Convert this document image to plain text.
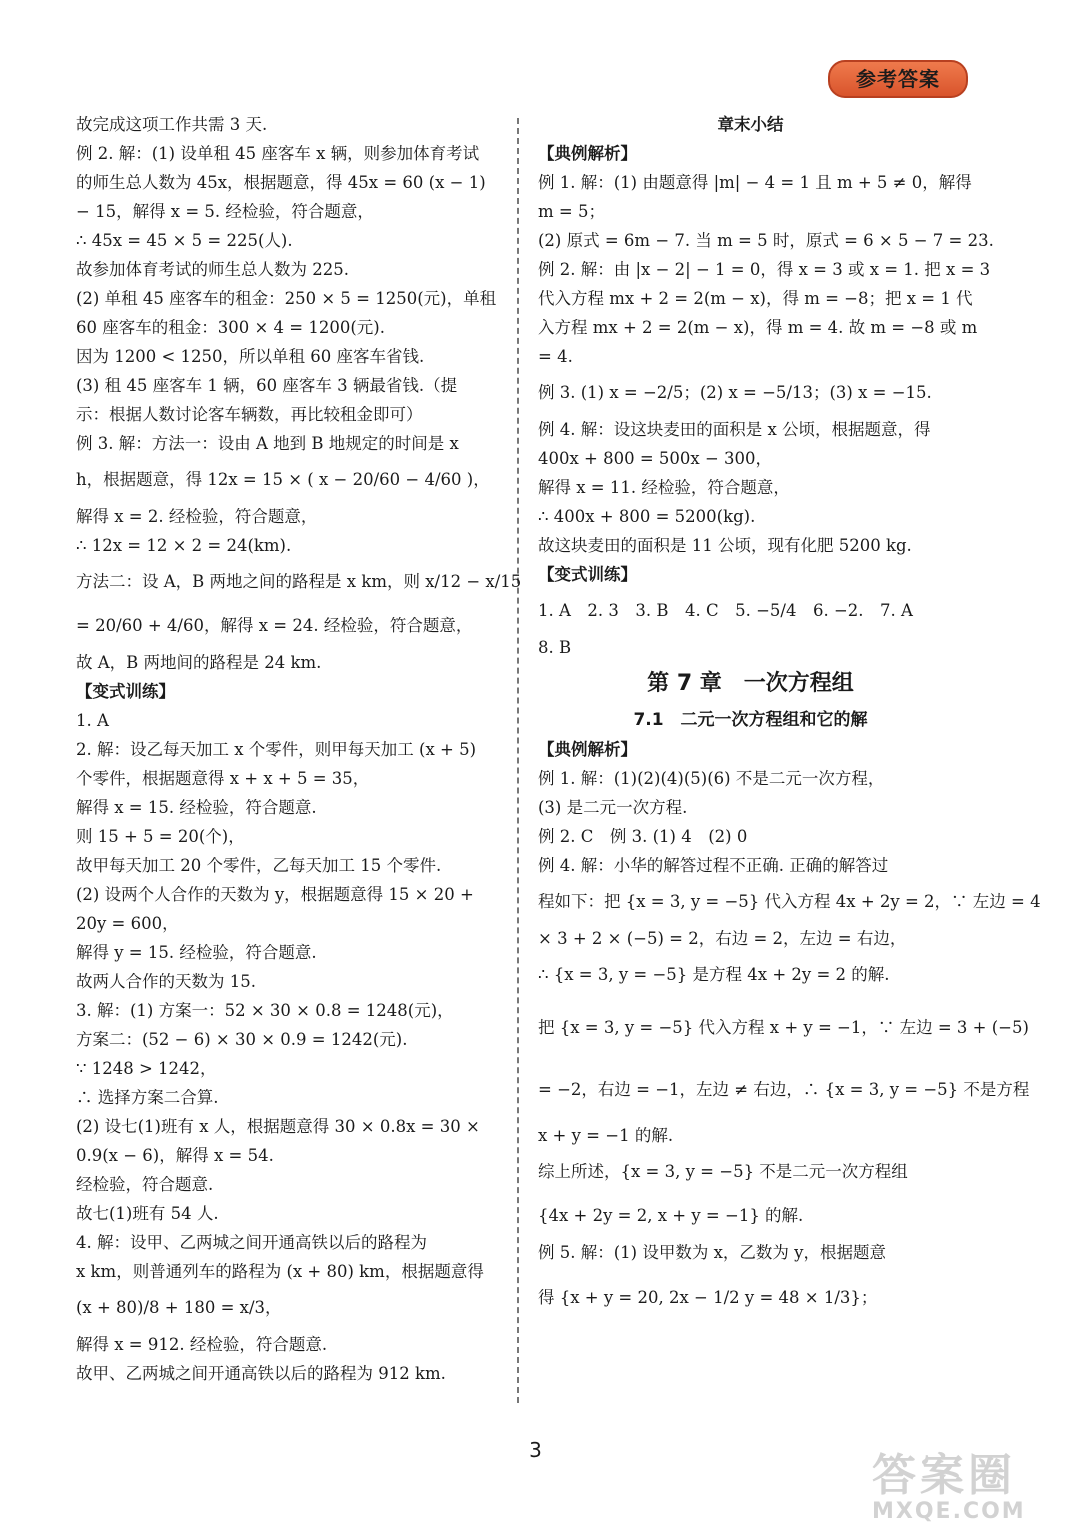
参考答案
故完成这项工作共需 3 天.
例 2. 解：(1) 设单租 45 座客车 x 辆，则参加体育考试
的师生总人数为 45x，根据题意，得 45x = 60 (x − 1)
− 15，解得 x = 5. 经检验，符合题意，
∴ 45x = 45 × 5 = 225(人).
故参加体育考试的师生总人数为 225.
(2) 单租 45 座客车的租金：250 × 5 = 1250(元)，单租
60 座客车的租金：300 × 4 = 1200(元).
因为 1200 < 1250，所以单租 60 座客车省钱.
(3) 租 45 座客车 1 辆，60 座客车 3 辆最省钱.（提
示：根据人数讨论客车辆数，再比较租金即可）
例 3. 解：方法一：设由 A 地到 B 地规定的时间是 x
h，根据题意，得 12x = 15 × ( x − 20/60 − 4/60 )，
解得 x = 2. 经检验，符合题意，
∴ 12x = 12 × 2 = 24(km).
方法二：设 A，B 两地之间的路程是 x km，则 x/12 − x/15
= 20/60 + 4/60，解得 x = 24. 经检验，符合题意，
故 A，B 两地间的路程是 24 km.
【变式训练】
1. A
2. 解：设乙每天加工 x 个零件，则甲每天加工 (x + 5)
个零件，根据题意得 x + x + 5 = 35，
解得 x = 15. 经检验，符合题意.
则 15 + 5 = 20(个)，
故甲每天加工 20 个零件，乙每天加工 15 个零件.
(2) 设两个人合作的天数为 y，根据题意得 15 × 20 +
20y = 600，
解得 y = 15. 经检验，符合题意.
故两人合作的天数为 15.
3. 解：(1) 方案一：52 × 30 × 0.8 = 1248(元)，
方案二：(52 − 6) × 30 × 0.9 = 1242(元).
∵ 1248 > 1242，
∴ 选择方案二合算.
(2) 设七(1)班有 x 人，根据题意得 30 × 0.8x = 30 ×
0.9(x − 6)，解得 x = 54.
经检验，符合题意.
故七(1)班有 54 人.
4. 解：设甲、乙两城之间开通高铁以后的路程为
x km，则普通列车的路程为 (x + 80) km，根据题意得
(x + 80)/8 + 180 = x/3，
解得 x = 912. 经检验，符合题意.
故甲、乙两城之间开通高铁以后的路程为 912 km.
章末小结
【典例解析】
例 1. 解：(1) 由题意得 |m| − 4 = 1 且 m + 5 ≠ 0，解得
m = 5；
(2) 原式 = 6m − 7. 当 m = 5 时，原式 = 6 × 5 − 7 = 23.
例 2. 解：由 |x − 2| − 1 = 0，得 x = 3 或 x = 1. 把 x = 3
代入方程 mx + 2 = 2(m − x)，得 m = −8；把 x = 1 代
入方程 mx + 2 = 2(m − x)，得 m = 4. 故 m = −8 或 m
= 4.
例 3. (1) x = −2/5；(2) x = −5/13；(3) x = −15.
例 4. 解：设这块麦田的面积是 x 公顷，根据题意，得
400x + 800 = 500x − 300，
解得 x = 11. 经检验，符合题意，
∴ 400x + 800 = 5200(kg).
故这块麦田的面积是 11 公顷，现有化肥 5200 kg.
【变式训练】
1. A　2. 3　3. B　4. C　5. −5/4　6. −2.　7. A
8. B
第 7 章　一次方程组
7.1　二元一次方程组和它的解
【典例解析】
例 1. 解：(1)(2)(4)(5)(6) 不是二元一次方程，
(3) 是二元一次方程.
例 2. C　例 3. (1) 4　(2) 0
例 4. 解：小华的解答过程不正确. 正确的解答过
程如下：把 {x = 3, y = −5} 代入方程 4x + 2y = 2，∵ 左边 = 4
× 3 + 2 × (−5) = 2，右边 = 2，左边 = 右边，
∴ {x = 3, y = −5} 是方程 4x + 2y = 2 的解.
把 {x = 3, y = −5} 代入方程 x + y = −1，∵ 左边 = 3 + (−5)
= −2，右边 = −1，左边 ≠ 右边，∴ {x = 3, y = −5} 不是方程
x + y = −1 的解.
综上所述，{x = 3, y = −5} 不是二元一次方程组
{4x + 2y = 2, x + y = −1} 的解.
例 5. 解：(1) 设甲数为 x，乙数为 y，根据题意
得 {x + y = 20, 2x − 1/2 y = 48 × 1/3}；
3	答案圈
MXQE.COM
